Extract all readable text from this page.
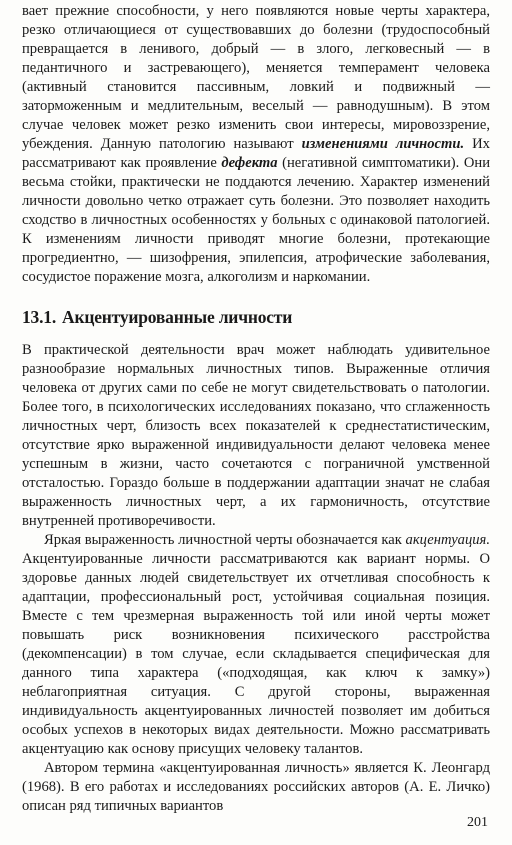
вает прежние способности, у него появляются новые черты характера, резко отличающиеся от существовавших до болезни (трудоспособный превращается в ленивого, добрый — в злого, легковесный — в педантичного и застревающего), меняется темперамент человека (активный становится пассивным, ловкий и подвижный — заторможенным и медлительным, веселый — равнодушным). В этом случае человек может резко изменить свои интересы, мировоззрение, убеждения. Данную патологию называют изменениями личности. Их рассматривают как проявление дефекта (негативной симптоматики). Они весьма стойки, практически не поддаются лечению. Характер изменений личности довольно четко отражает суть болезни. Это позволяет находить сходство в личностных особенностях у больных с одинаковой патологией. К изменениям личности приводят многие болезни, протекающие прогредиентно, — шизофрения, эпилепсия, атрофические заболевания, сосудистое поражение мозга, алкоголизм и наркомании.

13.1. Акцентуированные личности

В практической деятельности врач может наблюдать удивительное разнообразие нормальных личностных типов. Выраженные отличия человека от других сами по себе не могут свидетельствовать о патологии. Более того, в психологических исследованиях показано, что сглаженность личностных черт, близость всех показателей к среднестатистическим, отсутствие ярко выраженной индивидуальности делают человека менее успешным в жизни, часто сочетаются с пограничной умственной отсталостью. Гораздо больше в поддержании адаптации значат не слабая выраженность личностных черт, а их гармоничность, отсутствие внутренней противоречивости.

Яркая выраженность личностной черты обозначается как акцентуация. Акцентуированные личности рассматриваются как вариант нормы. О здоровье данных людей свидетельствует их отчетливая способность к адаптации, профессиональный рост, устойчивая социальная позиция. Вместе с тем чрезмерная выраженность той или иной черты может повышать риск возникновения психического расстройства (декомпенсации) в том случае, если складывается специфическая для данного типа характера («подходящая, как ключ к замку») неблагоприятная ситуация. С другой стороны, выраженная индивидуальность акцентуированных личностей позволяет им добиться особых успехов в некоторых видах деятельности. Можно рассматривать акцентуацию как основу присущих человеку талантов.

Автором термина «акцентуированная личность» является К. Леонгард (1968). В его работах и исследованиях российских авторов (А. Е. Личко) описан ряд типичных вариантов

201
